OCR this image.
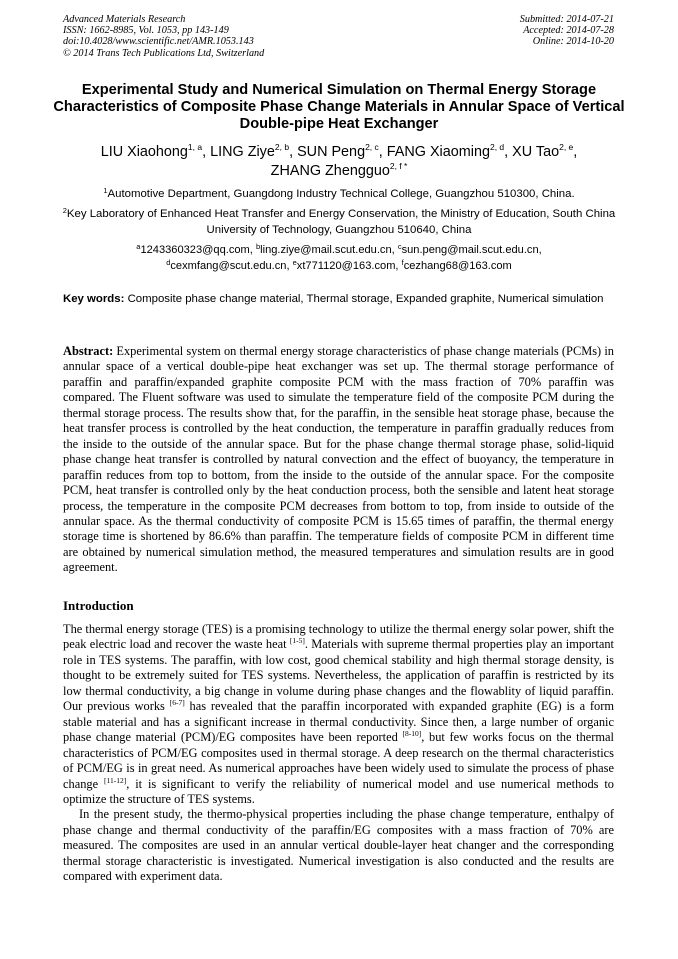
Advanced Materials Research
ISSN: 1662-8985, Vol. 1053, pp 143-149
doi:10.4028/www.scientific.net/AMR.1053.143
© 2014 Trans Tech Publications Ltd, Switzerland
Submitted: 2014-07-21
Accepted: 2014-07-28
Online: 2014-10-20
Experimental Study and Numerical Simulation on Thermal Energy Storage Characteristics of Composite Phase Change Materials in Annular Space of Vertical Double-pipe Heat Exchanger
LIU Xiaohong$^{1, a}$, LING Ziye$^{2, b}$, SUN Peng$^{2, c}$, FANG Xiaoming$^{2, d}$, XU Tao$^{2, e}$,
ZHANG Zhengguo$^{2, f *}$
$^1$Automotive Department, Guangdong Industry Technical College, Guangzhou 510300, China.
$^2$Key Laboratory of Enhanced Heat Transfer and Energy Conservation, the Ministry of Education, South China University of Technology, Guangzhou 510640, China
$^a$1243360323@qq.com, $^b$ling.ziye@mail.scut.edu.cn, $^c$sun.peng@mail.scut.edu.cn,
$^d$cexmfang@scut.edu.cn, $^e$xt771120@163.com, $^f$cezhang68@163.com
Key words: Composite phase change material, Thermal storage, Expanded graphite, Numerical simulation

Abstract: Experimental system on thermal energy storage characteristics of phase change materials (PCMs) in annular space of a vertical double-pipe heat exchanger was set up. The thermal storage performance of paraffin and paraffin/expanded graphite composite PCM with the mass fraction of 70% paraffin was compared. The Fluent software was used to simulate the temperature field of the composite PCM during the thermal storage process. The results show that, for the paraffin, in the sensible heat storage phase, because the heat transfer process is controlled by the heat conduction, the temperature in paraffin gradually reduces from the inside to the outside of the annular space. But for the phase change thermal storage phase, solid-liquid phase change heat transfer is controlled by natural convection and the effect of buoyancy, the temperature in paraffin reduces from top to bottom, from the inside to the outside of the annular space. For the composite PCM, heat transfer is controlled only by the heat conduction process, both the sensible and latent heat storage process, the temperature in the composite PCM decreases from bottom to top, from inside to outside of the annular space. As the thermal conductivity of composite PCM is 15.65 times of paraffin, the thermal energy storage time is shortened by 86.6% than paraffin. The temperature fields of composite PCM in different time are obtained by numerical simulation method, the measured temperatures and simulation results are in good agreement.

Introduction

The thermal energy storage (TES) is a promising technology to utilize the thermal energy solar power, shift the peak electric load and recover the waste heat [1-5]. Materials with supreme thermal properties play an important role in TES systems. The paraffin, with low cost, good chemical stability and high thermal storage density, is thought to be extremely suited for TES systems. Nevertheless, the application of paraffin is restricted by its low thermal conductivity, a big change in volume during phase changes and the flowablity of liquid paraffin. Our previous works [6-7] has revealed that the paraffin incorporated with expanded graphite (EG) is a form stable material and has a significant increase in thermal conductivity. Since then, a large number of organic phase change material (PCM)/EG composites have been reported [8-10], but few works focus on the thermal characteristics of PCM/EG composites used in thermal storage. A deep research on the thermal characteristics of PCM/EG is in great need. As numerical approaches have been widely used to simulate the process of phase change [11-12], it is significant to verify the reliability of numerical model and use numerical methods to optimize the structure of TES systems.

In the present study, the thermo-physical properties including the phase change temperature, enthalpy of phase change and thermal conductivity of the paraffin/EG composites with a mass fraction of 70% are measured. The composites are used in an annular vertical double-layer heat changer and the corresponding thermal storage characteristic is investigated. Numerical investigation is also conducted and the results are compared with experiment data.
